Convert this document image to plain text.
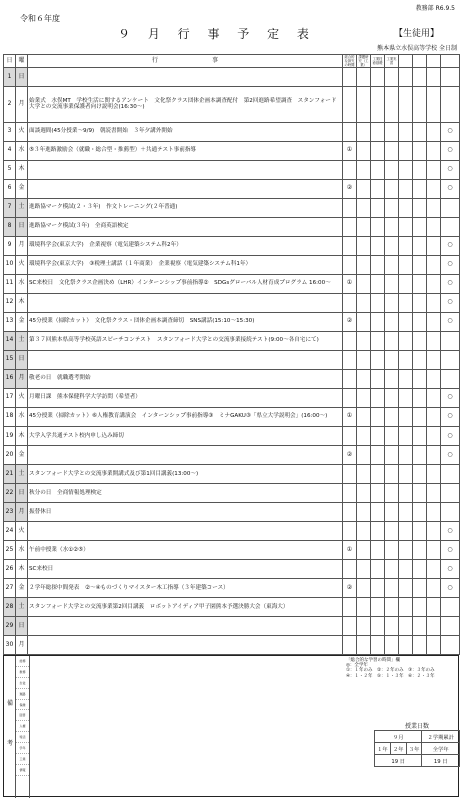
教務部 R6.9.5
令和６年度
９ 月 行 事 予 定 表	【生徒用】
熊本県立水俣高等学校 全日制
日	曜	行　　　　　　　　　事	総合的な探究の時間	課題研究（工業）	工業技術基礎	工業実習				
1	日									
2	月	始業式　水俣MT　学校生活に関するアンケート　文化祭クラス団体企画本調査配付　第2回進路希望調査　スタンフォード大学との交流事業保護者向け説明会(16:30～)								
3	火	面談週間(45分授業～9/9)　朝読書開始　３年夕講外開始								○
4	水	⑤３年進路激励会（就職・総合型・推薦型）＋共通テスト事前指導	①							○
5	木									○
6	金		②							○
7	土	進路協マーク模試(２・３年)　作文トレーニング(２年普通)								
8	日	進路協マーク模試(３年)　全商英語検定								
9	月	環境科学会(東京大学)　企業視察（電気建築システム科2年）								○
10	火	環境科学会(東京大学)　③税理士講話（１年商業）　企業視察（電気建築システム科1年）								○
11	水	SC来校日　文化祭クラス企画決め（LHR）インターンシップ事前指導②　SDGsグローバル人材育成プログラム 16:00～	①							○
12	木									○
13	金	45分授業（掃除カット）　文化祭クラス・団体企画本調査締切　SNS講話(15:10～15:30)	②							○
14	土	第３７回熊本県高等学校英語スピーチコンテスト　スタンフォード大学との交流事業接続テスト(9:00～各自宅にて)								
15	日									
16	月	敬老の日　就職選考開始								
17	火	月曜日課　熊本保健科学大学訪問（希望者）								○
18	水	45分授業（掃除カット）⑥人権教育講演会　インターンシップ事前指導③　ミナGAKU③「県立大学説明会」(16:00～)	①							○
19	木	大学入学共通テスト校内申し込み締切								○
20	金		②							○
21	土	スタンフォード大学との交流事業開講式及び第1回目講義(13:00～)								
22	日	秋分の日　全商情報処理検定								
23	月	振替休日								
24	火									○
25	水	午前中授業（水①②⑤）	①							○
26	木	SC来校日								○
27	金	２学年総探中間発表　②～④ものづくりマイスター木工指導（３年建築コース）	②							○
28	土	スタンフォード大学との交流事業第2回目講義　ロボットアイディア甲子園熊本予選決勝大会（東海大）								
29	日									
30	月									
備
考
総務
教務
生徒
進路
保健
図書
人権
特活
学年
工業
情報
「総合的な学習の時間」欄
◎：全学年
①：１年のみ　②：２年のみ　③：３年のみ
④：１・２年　⑤：１・３年　⑥：２・３年
授業日数
９月			２学期累計
１年	２年	３年	全学年
19 日			19 日
